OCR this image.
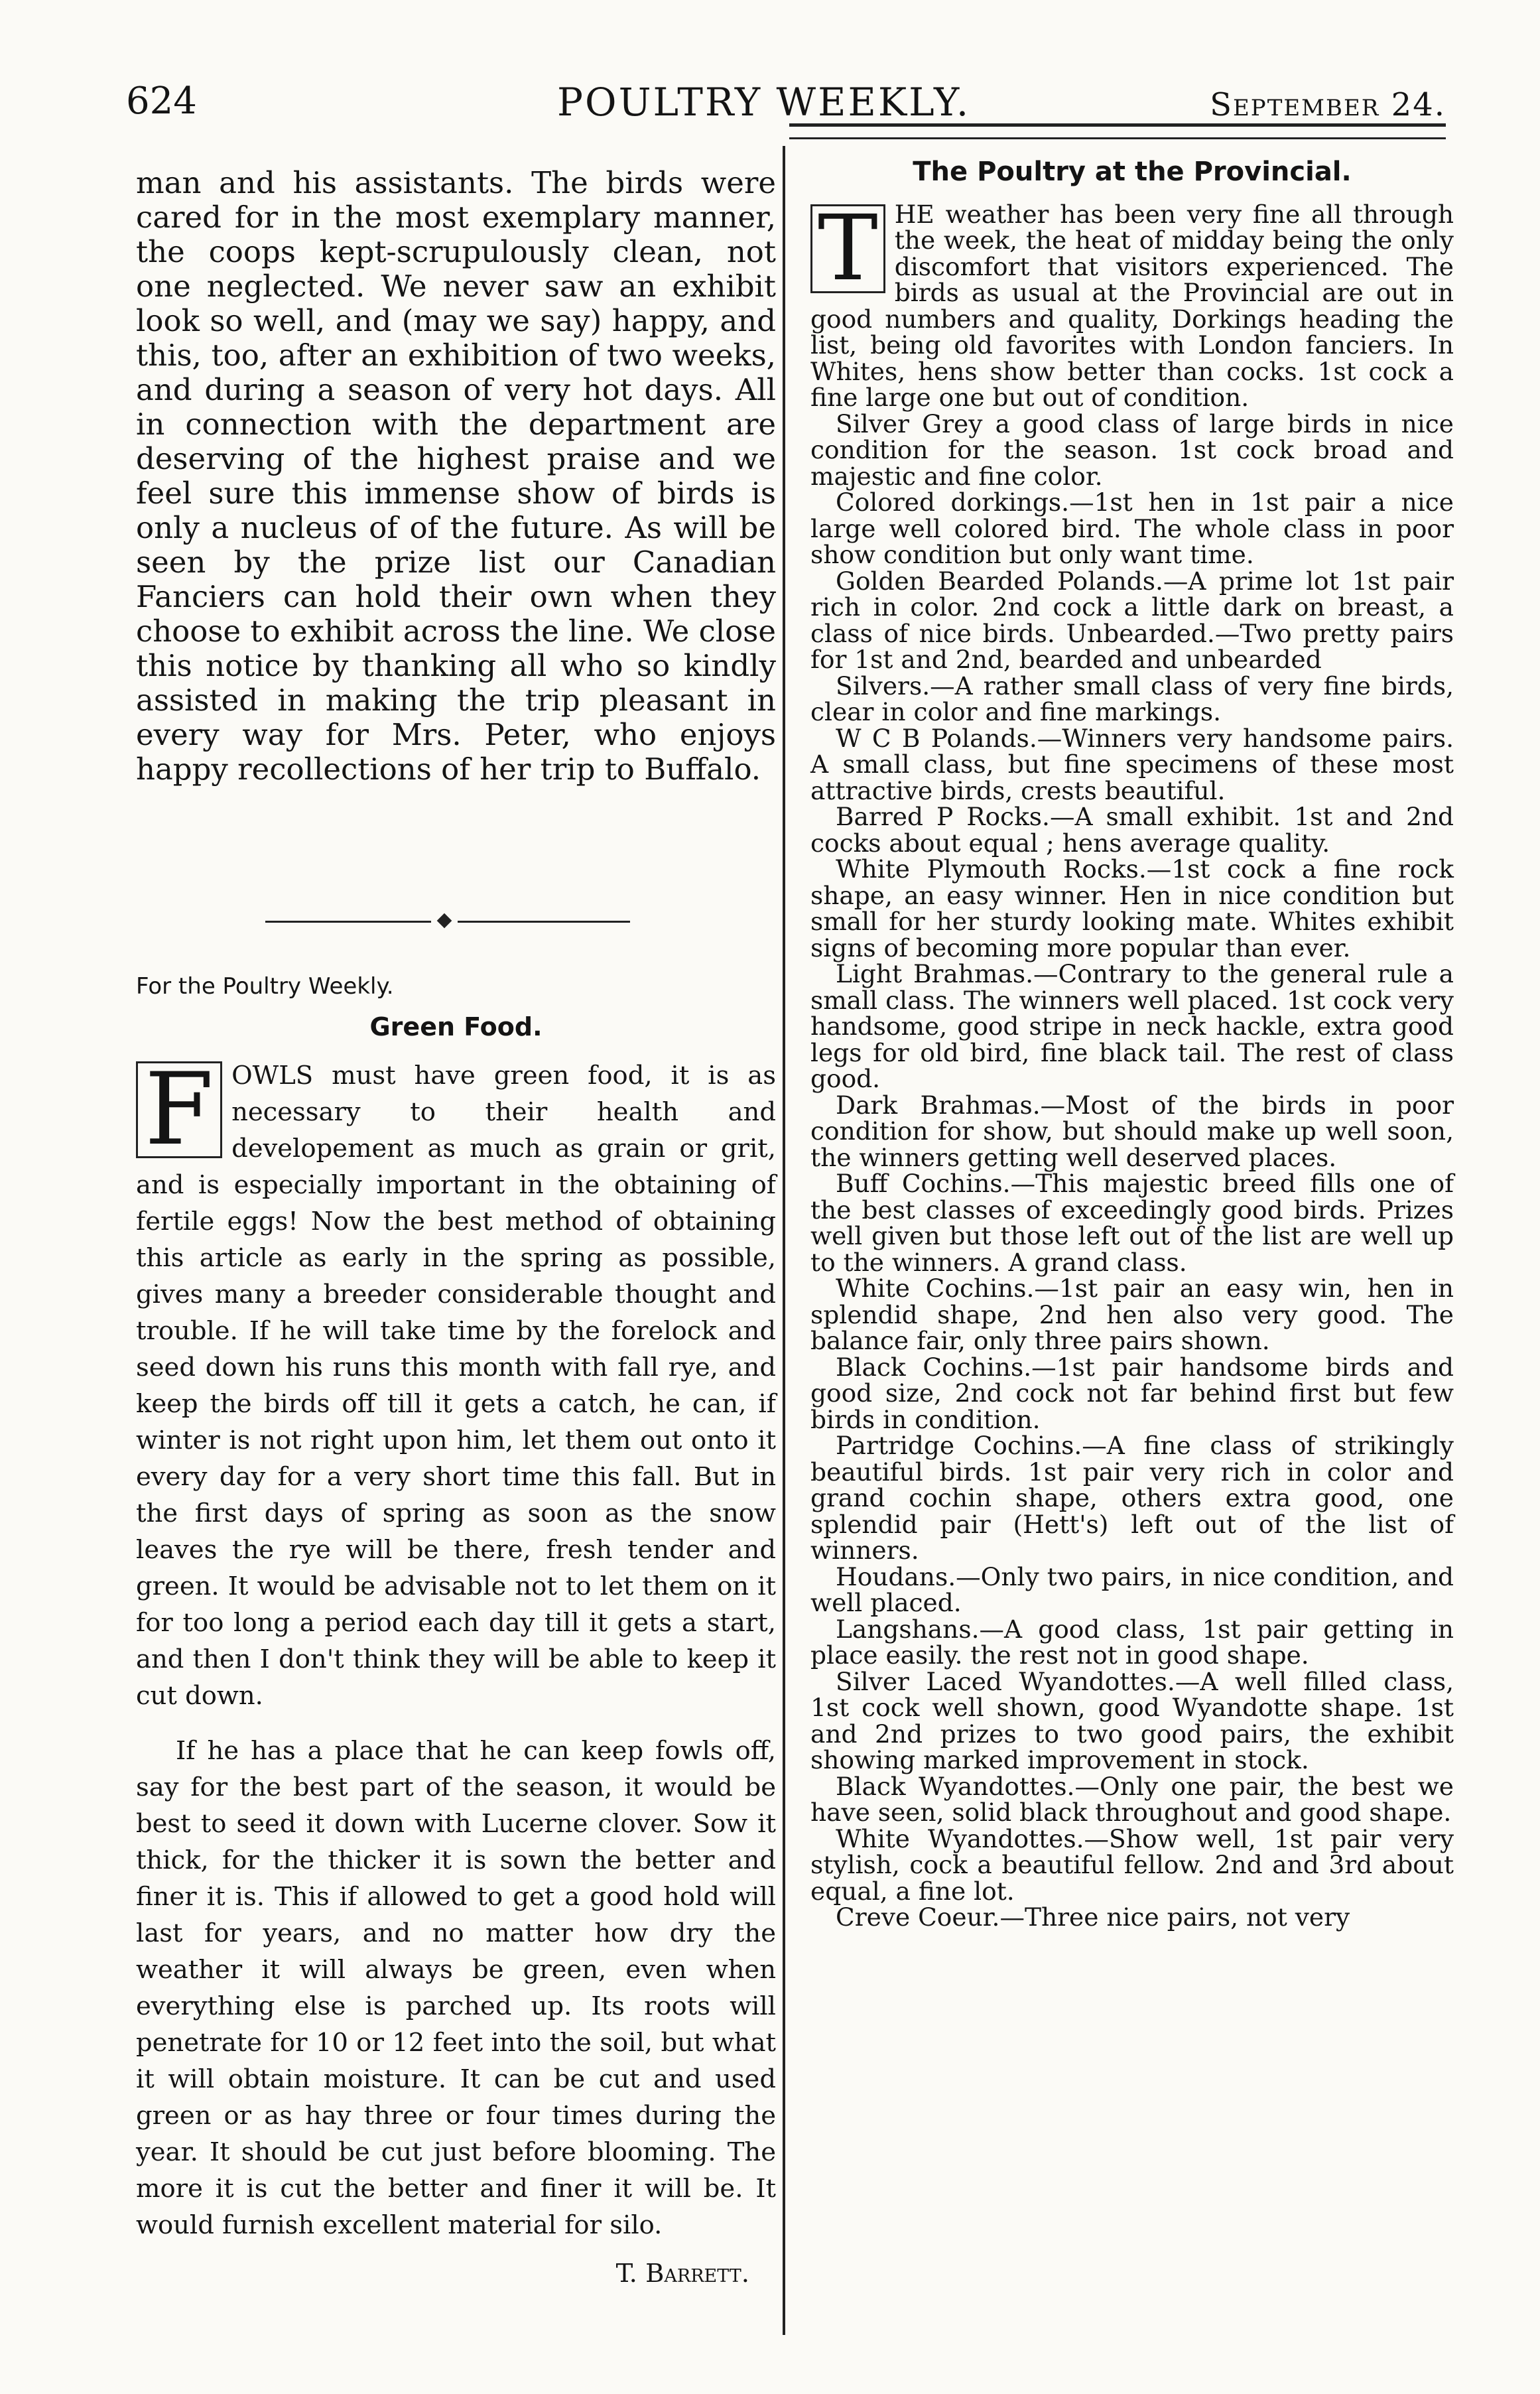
624	POULTRY WEEKLY.	September 24.

man and his assistants. The birds were cared for in the most exemplary manner, the coops kept-scrupulously clean, not one neglected. We never saw an exhibit look so well, and (may we say) happy, and this, too, after an exhibition of two weeks, and during a season of very hot days. All in connection with the department are deserving of the highest praise and we feel sure this immense show of birds is only a nucleus of of the future. As will be seen by the prize list our Canadian Fanciers can hold their own when they choose to exhibit across the line. We close this notice by thanking all who so kindly assisted in making the trip pleasant in every way for Mrs. Peter, who enjoys happy recollections of her trip to Buffalo.

For the Poultry Weekly.

Green Food.

F OWLS must have green food, it is as necessary to their health and developement as much as grain or grit, and is especially important in the obtaining of fertile eggs! Now the best method of obtaining this article as early in the spring as possible, gives many a breeder considerable thought and trouble. If he will take time by the forelock and seed down his runs this month with fall rye, and keep the birds off till it gets a catch, he can, if winter is not right upon him, let them out onto it every day for a very short time this fall. But in the first days of spring as soon as the snow leaves the rye will be there, fresh tender and green. It would be advisable not to let them on it for too long a period each day till it gets a start, and then I don't think they will be able to keep it cut down.

If he has a place that he can keep fowls off, say for the best part of the season, it would be best to seed it down with Lucerne clover. Sow it thick, for the thicker it is sown the better and finer it is. This if allowed to get a good hold will last for years, and no matter how dry the weather it will always be green, even when everything else is parched up. Its roots will penetrate for 10 or 12 feet into the soil, but what it will obtain moisture. It can be cut and used green or as hay three or four times during the year. It should be cut just before blooming. The more it is cut the better and finer it will be. It would furnish excellent material for silo.

T. Barrett.

The Poultry at the Provincial.

T HE weather has been very fine all through the week, the heat of midday being the only discomfort that visitors experienced. The birds as usual at the Provincial are out in good numbers and quality, Dorkings heading the list, being old favorites with London fanciers. In Whites, hens show better than cocks. 1st cock a fine large one but out of condition.

Silver Grey a good class of large birds in nice condition for the season. 1st cock broad and majestic and fine color.

Colored dorkings.—1st hen in 1st pair a nice large well colored bird. The whole class in poor show condition but only want time.

Golden Bearded Polands.—A prime lot 1st pair rich in color. 2nd cock a little dark on breast, a class of nice birds. Unbearded.—Two pretty pairs for 1st and 2nd, bearded and unbearded

Silvers.—A rather small class of very fine birds, clear in color and fine markings.

W C B Polands.—Winners very handsome pairs. A small class, but fine specimens of these most attractive birds, crests beautiful.

Barred P Rocks.—A small exhibit. 1st and 2nd cocks about equal ; hens average quality.

White Plymouth Rocks.—1st cock a fine rock shape, an easy winner. Hen in nice condition but small for her sturdy looking mate. Whites exhibit signs of becoming more popular than ever.

Light Brahmas.—Contrary to the general rule a small class. The winners well placed. 1st cock very handsome, good stripe in neck hackle, extra good legs for old bird, fine black tail. The rest of class good.

Dark Brahmas.—Most of the birds in poor condition for show, but should make up well soon, the winners getting well deserved places.

Buff Cochins.—This majestic breed fills one of the best classes of exceedingly good birds. Prizes well given but those left out of the list are well up to the winners. A grand class.

White Cochins.—1st pair an easy win, hen in splendid shape, 2nd hen also very good. The balance fair, only three pairs shown.

Black Cochins.—1st pair handsome birds and good size, 2nd cock not far behind first but few birds in condition.

Partridge Cochins.—A fine class of strikingly beautiful birds. 1st pair very rich in color and grand cochin shape, others extra good, one splendid pair (Hett's) left out of the list of winners.

Houdans.—Only two pairs, in nice condition, and well placed.

Langshans.—A good class, 1st pair getting in place easily. the rest not in good shape.

Silver Laced Wyandottes.—A well filled class, 1st cock well shown, good Wyandotte shape. 1st and 2nd prizes to two good pairs, the exhibit showing marked improvement in stock.

Black Wyandottes.—Only one pair, the best we have seen, solid black throughout and good shape.

White Wyandottes.—Show well, 1st pair very stylish, cock a beautiful fellow. 2nd and 3rd about equal, a fine lot.

Creve Coeur.—Three nice pairs, not very
